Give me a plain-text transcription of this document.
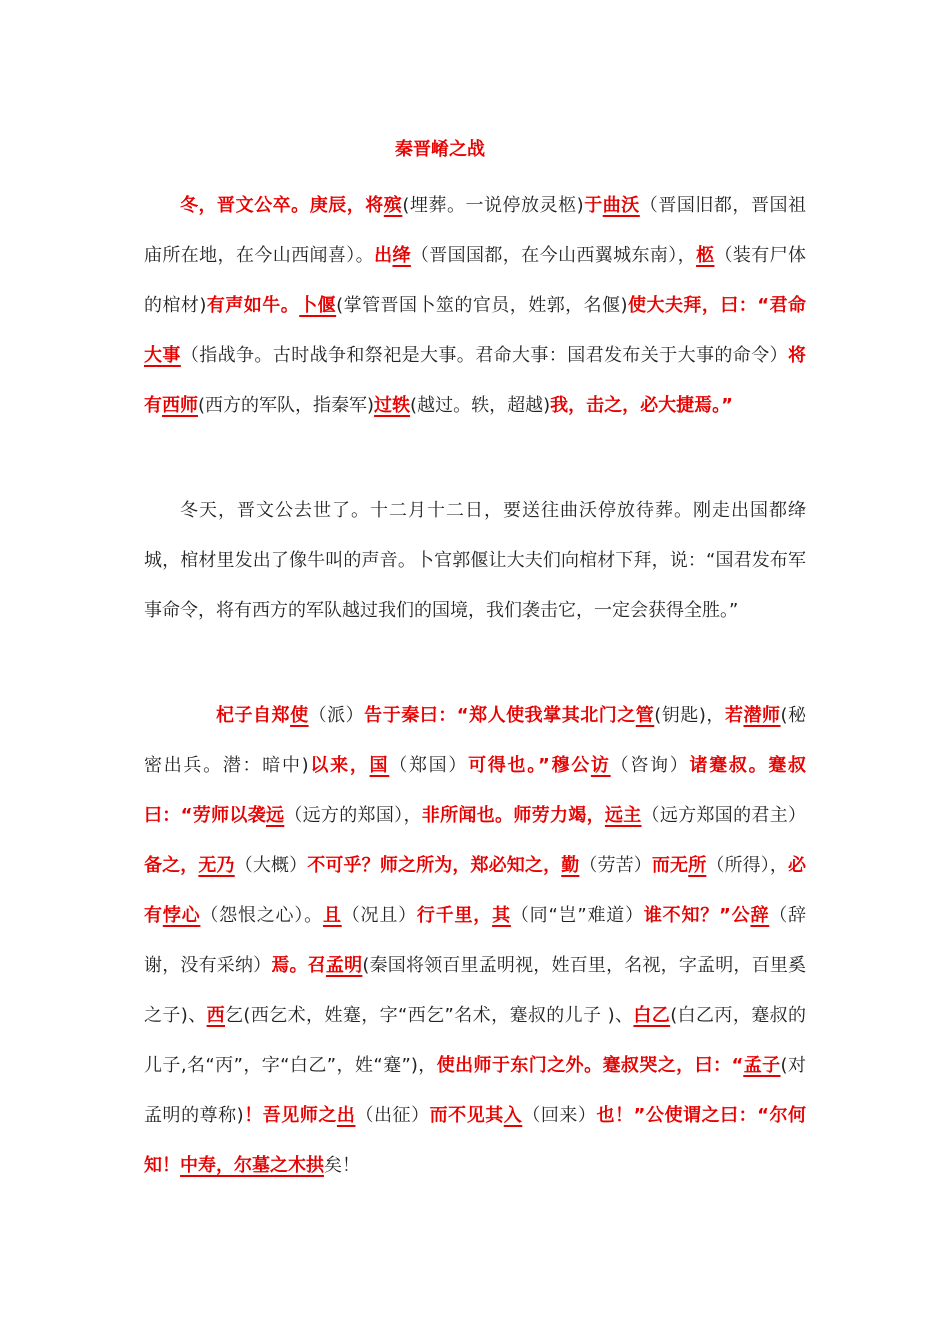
秦晋崤之战

冬，晋文公卒。庚辰，将殡(埋葬。一说停放灵柩)于曲沃（晋国旧都，晋国祖庙所在地，在今山西闻喜）。出绛（晋国国都，在今山西翼城东南），柩（装有尸体的棺材)有声如牛。卜偃(掌管晋国卜筮的官员，姓郭，名偃)使大夫拜，曰：“君命大事（指战争。古时战争和祭祀是大事。君命大事：国君发布关于大事的命令）将有西师(西方的军队，指秦军)过轶(越过。轶，超越)我，击之，必大捷焉。”

冬天，晋文公去世了。十二月十二日，要送往曲沃停放待葬。刚走出国都绛城，棺材里发出了像牛叫的声音。卜官郭偃让大夫们向棺材下拜，说：“国君发布军事命令，将有西方的军队越过我们的国境，我们袭击它，一定会获得全胜。”

杞子自郑使（派）告于秦曰：“郑人使我掌其北门之管(钥匙)，若潜师(秘密出兵。潜：暗中)以来，国（郑国）可得也。”穆公访（咨询）诸蹇叔。蹇叔曰：“劳师以袭远（远方的郑国），非所闻也。师劳力竭，远主（远方郑国的君主）备之，无乃（大概）不可乎？师之所为，郑必知之，勤（劳苦）而无所（所得），必有悖心（怨恨之心）。且（况且）行千里，其（同“岂”难道）谁不知？”公辞（辞谢，没有采纳）焉。召孟明(秦国将领百里孟明视，姓百里，名视，字孟明，百里奚之子)、西乞(西乞术，姓蹇，字“西乞”名术，蹇叔的儿子 )、白乙(白乙丙，蹇叔的儿子,名“丙”，字“白乙”，姓“蹇”)，使出师于东门之外。蹇叔哭之，曰：“孟子(对孟明的尊称)！吾见师之出（出征）而不见其入（回来）也！”公使谓之曰：“尔何知！中寿，尔墓之木拱矣！
